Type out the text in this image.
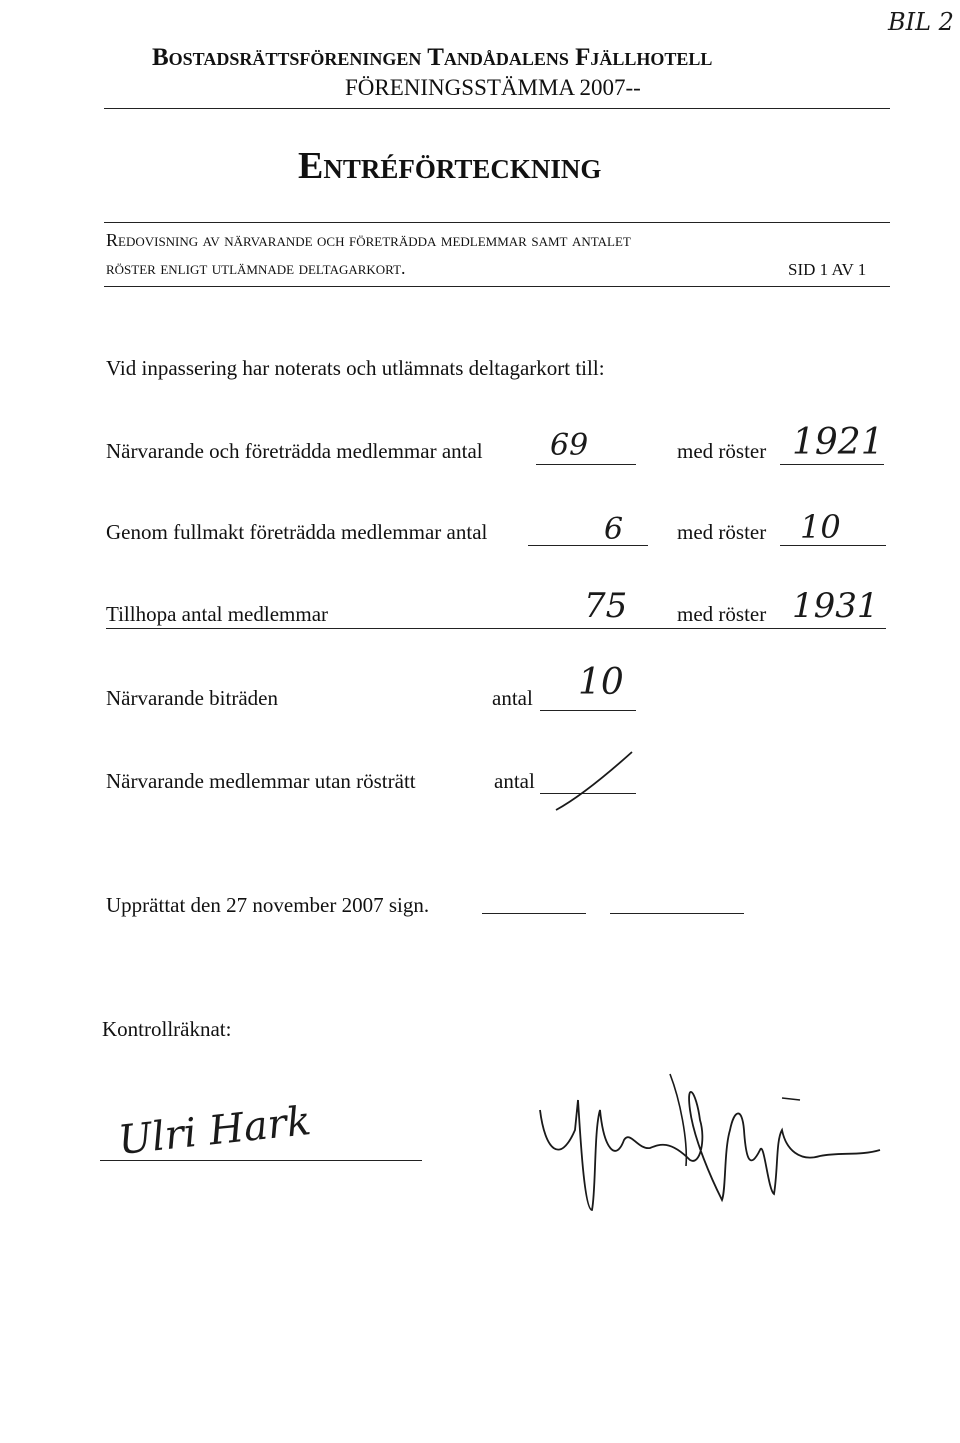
BIL 2
Bostadsrättsföreningen Tandådalens Fjällhotell
FÖRENINGSSTÄMMA 2007--
Entréförteckning
Redovisning av närvarande och företrädda medlemmar samt antalet
röster enligt utlämnade deltagarkort.	SID 1 AV 1
Vid inpassering har noterats och utlämnats deltagarkort till:
Närvarande och företrädda medlemmar antal 69	med röster 1921
Genom fullmakt företrädda medlemmar antal	6	med röster 10
Tillhopa antal medlemmar	75 med röster 1931
Närvarande biträden	antal 10
Närvarande medlemmar utan rösträtt	antal
Upprättat den 27 november 2007 sign.
Kontrollräknat:
Ulri Hark
